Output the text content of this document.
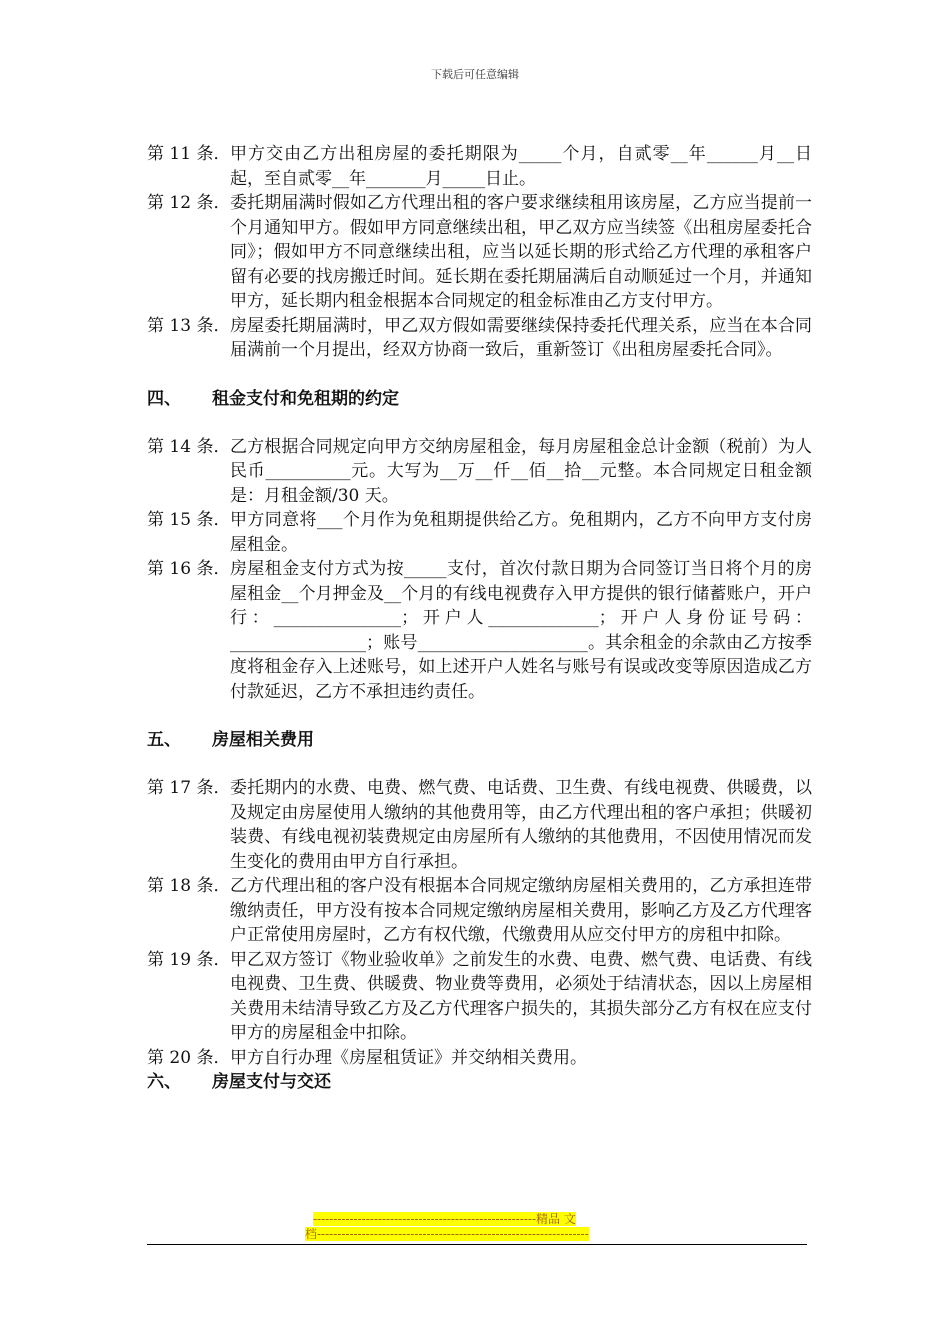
下载后可任意编辑
第 11 条． 甲方交由乙方出租房屋的委托期限为_____个月，自贰零__年______月__日起，至自贰零__年_______月_____日止。
第 12 条． 委托期届满时假如乙方代理出租的客户要求继续租用该房屋，乙方应当提前一个月通知甲方。假如甲方同意继续出租，甲乙双方应当续签《出租房屋委托合同》；假如甲方不同意继续出租，应当以延长期的形式给乙方代理的承租客户留有必要的找房搬迁时间。延长期在委托期届满后自动顺延过一个月，并通知甲方，延长期内租金根据本合同规定的租金标准由乙方支付甲方。
第 13 条． 房屋委托期届满时，甲乙双方假如需要继续保持委托代理关系，应当在本合同届满前一个月提出，经双方协商一致后，重新签订《出租房屋委托合同》。
四、	租金支付和免租期的约定
第 14 条． 乙方根据合同规定向甲方交纳房屋租金，每月房屋租金总计金额（税前）为人民币__________元。大写为__万__仟__佰__拾__元整。本合同规定日租金额是：月租金额/30 天。
第 15 条． 甲方同意将___个月作为免租期提供给乙方。免租期内，乙方不向甲方支付房屋租金。
第 16 条． 房屋租金支付方式为按_____支付，首次付款日期为合同签订当日将个月的房屋租金__个月押金及__个月的有线电视费存入甲方提供的银行储蓄账户，开户行：_______________；开户人_____________；开户人身份证号码：________________；账号____________________。其余租金的余款由乙方按季度将租金存入上述账号，如上述开户人姓名与账号有误或改变等原因造成乙方付款延迟，乙方不承担违约责任。
五、	房屋相关费用
第 17 条． 委托期内的水费、电费、燃气费、电话费、卫生费、有线电视费、供暖费，以及规定由房屋使用人缴纳的其他费用等，由乙方代理出租的客户承担；供暖初装费、有线电视初装费规定由房屋所有人缴纳的其他费用，不因使用情况而发生变化的费用由甲方自行承担。
第 18 条． 乙方代理出租的客户没有根据本合同规定缴纳房屋相关费用的，乙方承担连带缴纳责任，甲方没有按本合同规定缴纳房屋相关费用，影响乙方及乙方代理客户正常使用房屋时，乙方有权代缴，代缴费用从应交付甲方的房租中扣除。
第 19 条． 甲乙双方签订《物业验收单》之前发生的水费、电费、燃气费、电话费、有线电视费、卫生费、供暖费、物业费等费用，必须处于结清状态，因以上房屋相关费用未结清导致乙方及乙方代理客户损失的，其损失部分乙方有权在应支付甲方的房屋租金中扣除。
第 20 条． 甲方自行办理《房屋租赁证》并交纳相关费用。
六、	房屋支付与交还
-------------------------------------------------------精品 文
档-------------------------------------------------------------------
